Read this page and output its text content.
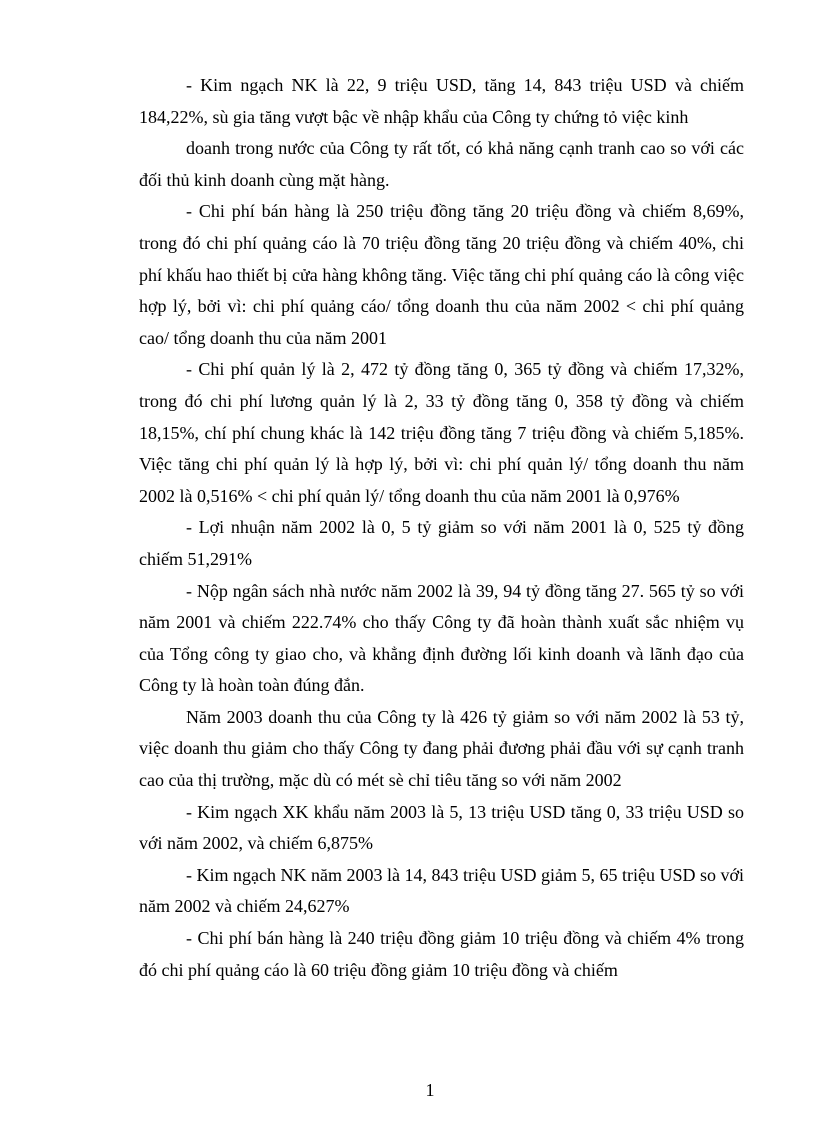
- Kim ngạch NK là 22, 9 triệu USD, tăng 14, 843 triệu USD và chiếm 184,22%, sù gia tăng vượt bậc về nhập khẩu của Công ty chứng tỏ việc kinh

doanh trong nước của Công ty rất tốt, có khả năng cạnh tranh cao so với các đối thủ kinh doanh cùng mặt hàng.

- Chi phí bán hàng là 250 triệu đồng tăng 20 triệu đồng và chiếm 8,69%, trong đó chi phí quảng cáo là 70 triệu đồng tăng 20 triệu đồng và chiếm 40%, chi phí khấu hao thiết bị cửa hàng không tăng. Việc tăng chi phí quảng cáo là công việc hợp lý, bởi vì: chi phí quảng cáo/ tổng doanh thu của năm 2002 < chi phí quảng cao/ tổng doanh thu của năm 2001

- Chi phí quản lý là 2, 472 tỷ đồng tăng 0, 365 tỷ đồng và chiếm 17,32%, trong đó chi phí lương quản lý là 2, 33 tỷ đồng tăng 0, 358 tỷ đồng và chiếm 18,15%, chí phí chung khác là 142 triệu đồng tăng 7 triệu đồng và chiếm 5,185%. Việc tăng chi phí quản lý là hợp lý, bởi vì: chi phí quản lý/ tổng doanh thu năm 2002 là 0,516% < chi phí quản lý/ tổng doanh thu của năm 2001 là 0,976%

- Lợi nhuận năm 2002 là 0, 5 tỷ giảm so với năm 2001 là 0, 525 tỷ đồng chiếm 51,291%

- Nộp ngân sách nhà nước năm 2002 là 39, 94 tỷ đồng tăng 27. 565 tỷ so với năm 2001 và chiếm 222.74% cho thấy Công ty đã hoàn thành xuất sắc nhiệm vụ của Tổng công ty giao cho, và khẳng định đường lối kinh doanh và lãnh đạo của Công ty là hoàn toàn đúng đắn.

Năm 2003 doanh thu của Công ty là 426 tỷ giảm so với năm 2002 là 53 tỷ, việc doanh thu giảm cho thấy Công ty đang phải đương phải đầu với sự cạnh tranh cao của thị trường, mặc dù có mét sè chỉ tiêu tăng so với năm 2002

- Kim ngạch XK khẩu năm 2003 là 5, 13 triệu USD tăng 0, 33 triệu USD so với năm 2002, và chiếm 6,875%

- Kim ngạch NK năm 2003 là 14, 843 triệu USD giảm 5, 65 triệu USD so với năm 2002 và chiếm 24,627%

- Chi phí bán hàng là 240 triệu đồng giảm 10 triệu đồng và chiếm 4% trong đó chi phí quảng cáo là 60 triệu đồng giảm 10 triệu đồng và chiếm

1
